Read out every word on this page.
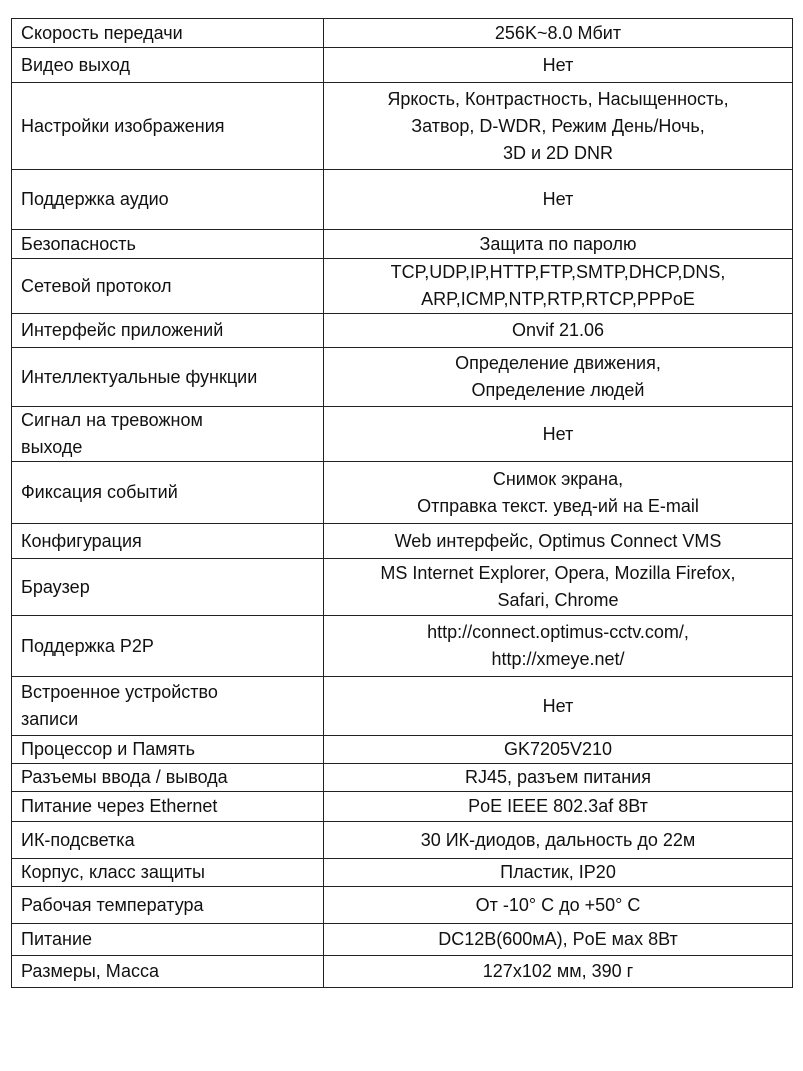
Скорость передачи	256K~8.0 Мбит

Видео выход	Нет

Настройки изображения	Яркость, Контрастность, Насыщенность,
Затвор, D-WDR, Режим День/Ночь,
3D и 2D DNR

Поддержка аудио	Нет

Безопасность	Защита по паролю

Сетевой протокол	TCP,UDP,IP,HTTP,FTP,SMTP,DHCP,DNS,
ARP,ICMP,NTP,RTP,RTCP,PPPoE

Интерфейс приложений	Onvif 21.06

Интеллектуальные функции	Определение движения,
Определение людей

Сигнал на тревожном
выходе	Нет

Фиксация событий	Снимок экрана,
Отправка текст. увед-ий на E-mail

Конфигурация	Web интерфейс, Optimus Connect VMS

Браузер	MS Internet Explorer, Opera, Mozilla Firefox,
Safari, Chrome

Поддержка P2P	http://connect.optimus-cctv.com/,
http://xmeye.net/

Встроенное устройство
записи	Нет

Процессор и Память	GK7205V210

Разъемы ввода / вывода	RJ45, разъем питания

Питание через Ethernet	PoE IEEE 802.3af 8Вт

ИК-подсветка	30 ИК-диодов, дальность до 22м

Корпус, класс защиты	Пластик, IP20

Рабочая температура	От -10° C до +50° C

Питание	DC12В(600мА), PoE мах 8Вт

Размеры, Масса	127х102 мм, 390 г
